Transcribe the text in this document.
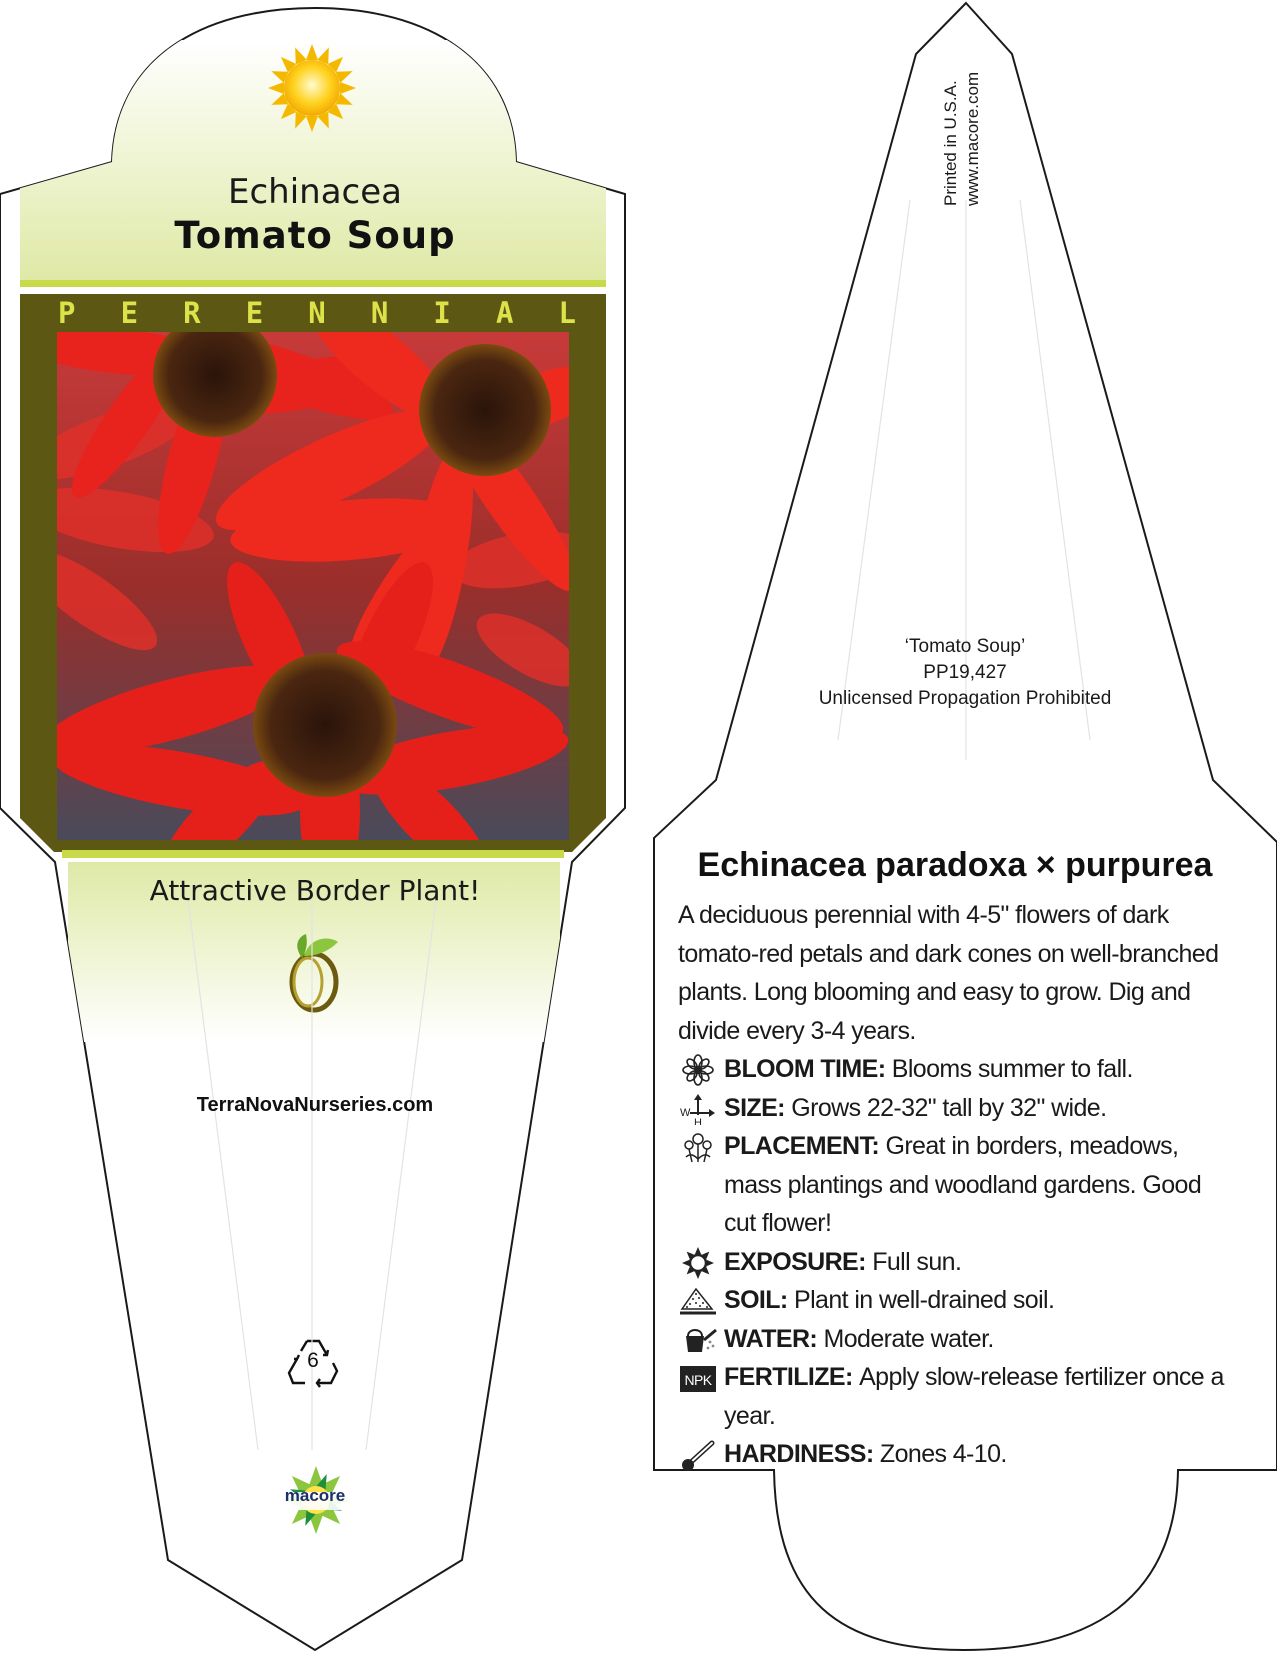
Echinacea
Tomato Soup
P E R E N N I A L
Attractive Border Plant!
TerraNovaNurseries.com
6
macore
Printed in U.S.A. www.macore.com
‘Tomato Soup’
PP19,427
Unlicensed Propagation Prohibited
Echinacea paradoxa × purpurea
A deciduous perennial with 4-5" flowers of dark tomato-red petals and dark cones on well-branched plants. Long blooming and easy to grow. Dig and divide every 3-4 years.
BLOOM TIME: Blooms summer to fall.
W
H
SIZE: Grows 22-32" tall by 32" wide.
PLACEMENT: Great in borders, meadows, mass plantings and woodland gardens. Good cut flower!
EXPOSURE: Full sun.
SOIL: Plant in well-drained soil.
WATER: Moderate water.
NPK FERTILIZE: Apply slow-release fertilizer once a year.
HARDINESS: Zones 4-10.
